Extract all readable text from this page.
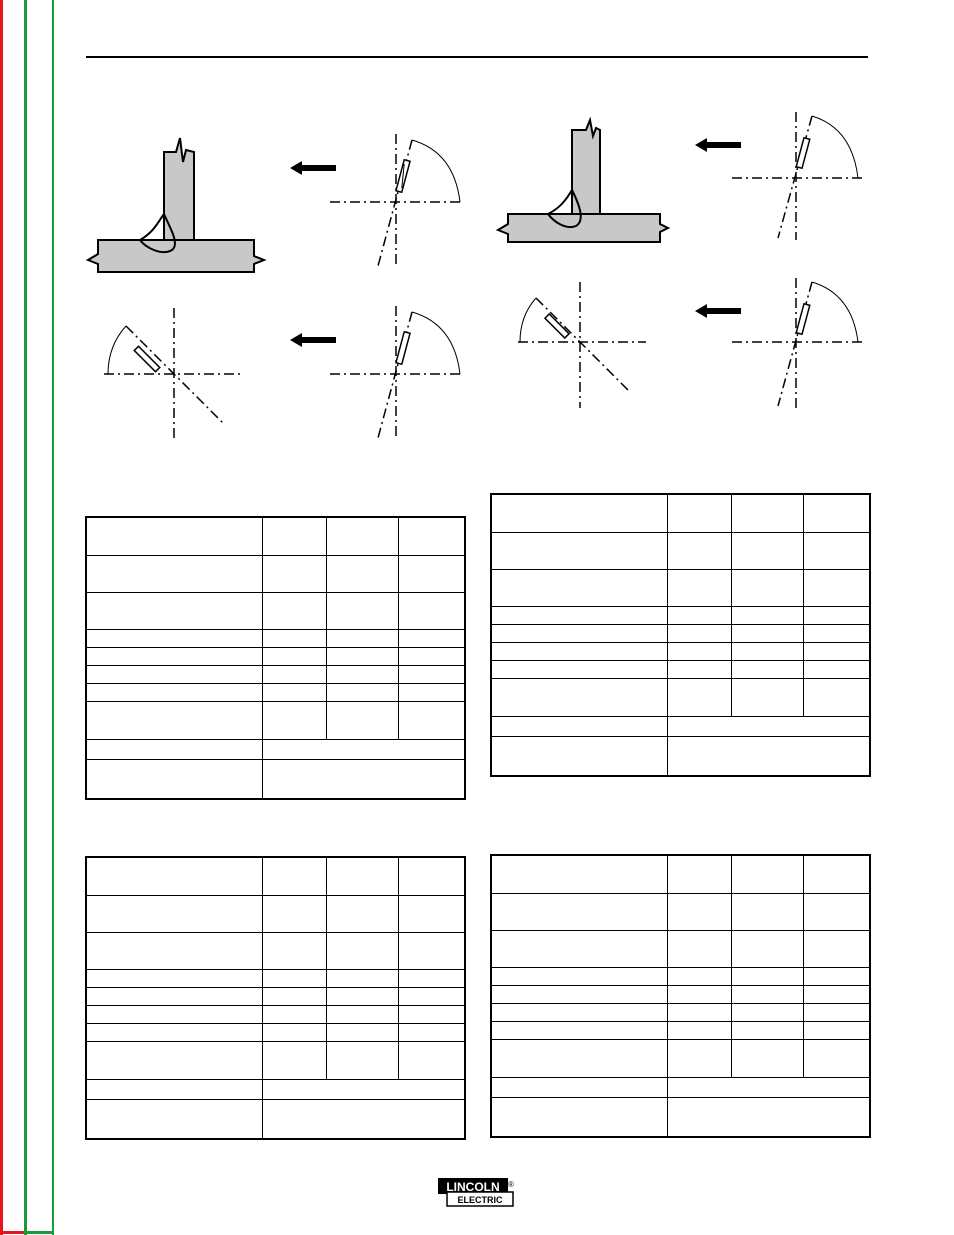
LINCOLN
ELECTRIC
®
